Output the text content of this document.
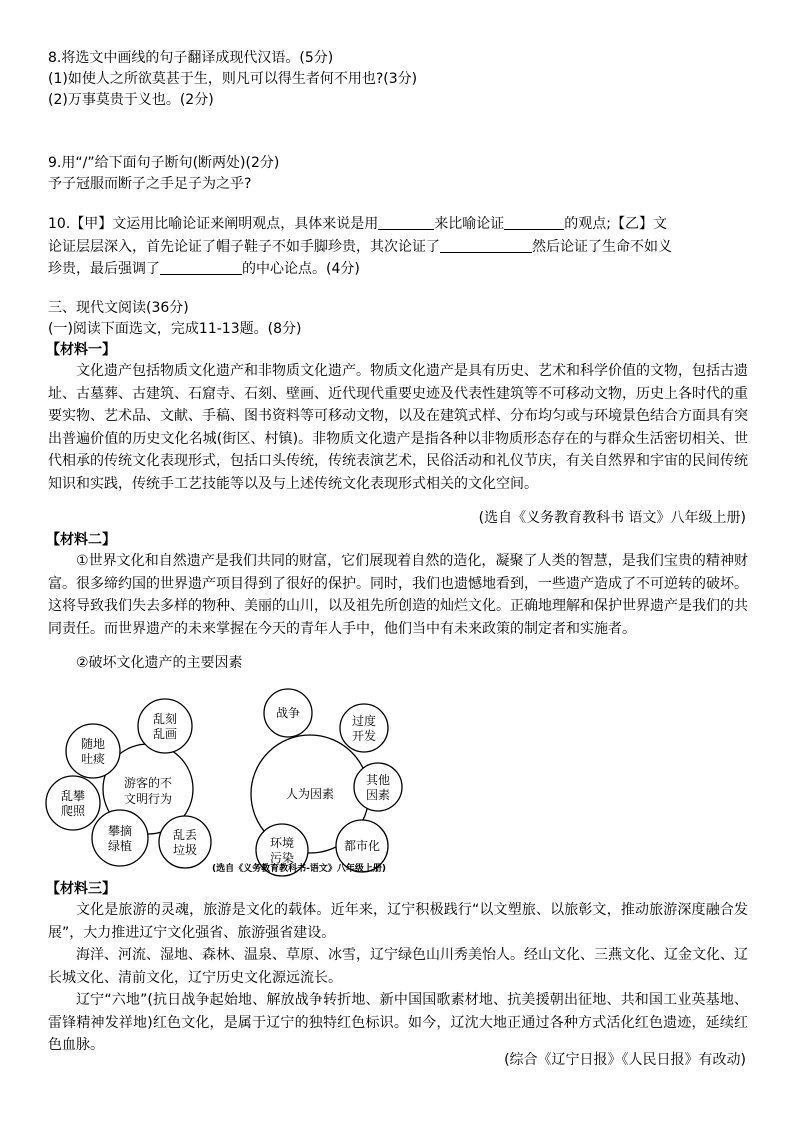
8.将选文中画线的句子翻译成现代汉语。(5分)
(1)如使人之所欲莫甚于生，则凡可以得生者何不用也?(3分)
(2)万事莫贵于义也。(2分)
9.用“/”给下面句子断句(断两处)(2分)
予子冠服而断子之手足子为之乎?
10.【甲】文运用比喻论证来阐明观点，具体来说是用	来比喻论证	的观点;【乙】文
论证层层深入，首先论证了帽子鞋子不如手脚珍贵，其次论证了	然后论证了生命不如义
珍贵，最后强调了	的中心论点。(4分)
三、现代文阅读(36分)
(一)阅读下面选文，完成11-13题。(8分)
【材料一】
文化遗产包括物质文化遗产和非物质文化遗产。物质文化遗产是具有历史、艺术和科学价值的文物，包括古遗址、古墓葬、古建筑、石窟寺、石刻、壁画、近代现代重要史迹及代表性建筑等不可移动文物，历史上各时代的重要实物、艺术品、文献、手稿、图书资料等可移动文物，以及在建筑式样、分布均匀或与环境景色结合方面具有突出普遍价值的历史文化名城(街区、村镇)。非物质文化遗产是指各种以非物质形态存在的与群众生活密切相关、世代相承的传统文化表现形式，包括口头传统，传统表演艺术，民俗活动和礼仪节庆，有关自然界和宇宙的民间传统知识和实践，传统手工艺技能等以及与上述传统文化表现形式相关的文化空间。
(选自《义务教育教科书 语文》八年级上册)
【材料二】
①世界文化和自然遗产是我们共同的财富，它们展现着自然的造化，凝聚了人类的智慧，是我们宝贵的精神财富。很多缔约国的世界遗产项目得到了很好的保护。同时，我们也遗憾地看到，一些遗产造成了不可逆转的破坏。这将导致我们失去多样的物种、美丽的山川，以及祖先所创造的灿烂文化。正确地理解和保护世界遗产是我们的共同责任。而世界遗产的未来掌握在今天的青年人手中，他们当中有未来政策的制定者和实施者。
②破坏文化遗产的主要因素
游客的不
文明行为
随地
吐痰
乱刻
乱画
乱攀
爬照
攀摘
绿植
乱丢
垃圾
人为因素
战争
过度
开发
其他
因素
都市化
环境
污染
(选自《义务教育教科书-语文》八年级上册)
【材料三】
文化是旅游的灵魂，旅游是文化的载体。近年来，辽宁积极践行“以文塑旅、以旅彰文，推动旅游深度融合发展”，大力推进辽宁文化强省、旅游强省建设。
海洋、河流、湿地、森林、温泉、草原、冰雪，辽宁绿色山川秀美怡人。经山文化、三燕文化、辽金文化、辽长城文化、清前文化，辽宁历史文化源远流长。
辽宁“六地”(抗日战争起始地、解放战争转折地、新中国国歌素材地、抗美援朝出征地、共和国工业英基地、雷锋精神发祥地)红色文化，是属于辽宁的独特红色标识。如今，辽沈大地正通过各种方式活化红色遗迹，延续红色血脉。
(综合《辽宁日报》《人民日报》有改动)
